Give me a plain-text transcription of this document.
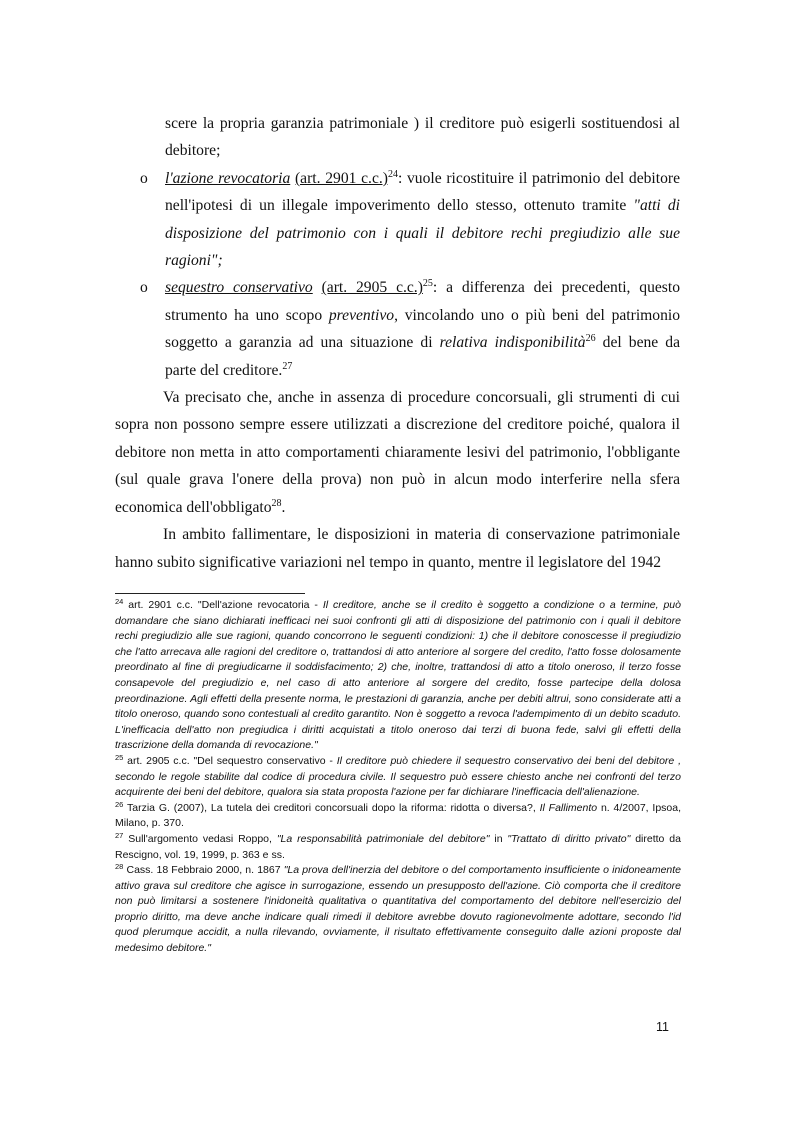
scere la propria garanzia patrimoniale ) il creditore può esigerli sostituendosi al debitore;

o l'azione revocatoria (art. 2901 c.c.)$^{24}$: vuole ricostituire il patrimonio del debitore nell'ipotesi di un illegale impoverimento dello stesso, ottenuto tramite "atti di disposizione del patrimonio con i quali il debitore rechi pregiudizio alle sue ragioni";
o sequestro conservativo (art. 2905 c.c.)$^{25}$: a differenza dei precedenti, questo strumento ha uno scopo preventivo, vincolando uno o più beni del patrimonio soggetto a garanzia ad una situazione di relativa indisponibilità$^{26}$ del bene da parte del creditore.$^{27}$

Va precisato che, anche in assenza di procedure concorsuali, gli strumenti di cui sopra non possono sempre essere utilizzati a discrezione del creditore poiché, qualora il debitore non metta in atto comportamenti chiaramente lesivi del patrimonio, l'obbligante (sul quale grava l'onere della prova) non può in alcun modo interferire nella sfera economica dell'obbligato$^{28}$.

In ambito fallimentare, le disposizioni in materia di conservazione patrimoniale hanno subito significative variazioni nel tempo in quanto, mentre il legislatore del 1942

$^{24}$ art. 2901 c.c. "Dell'azione revocatoria - Il creditore, anche se il credito è soggetto a condizione o a termine, può domandare che siano dichiarati inefficaci nei suoi confronti gli atti di disposizione del patrimonio con i quali il debitore rechi pregiudizio alle sue ragioni, quando concorrono le seguenti condizioni: 1) che il debitore conoscesse il pregiudizio che l'atto arrecava alle ragioni del creditore o, trattandosi di atto anteriore al sorgere del credito, l'atto fosse dolosamente preordinato al fine di pregiudicarne il soddisfacimento; 2) che, inoltre, trattandosi di atto a titolo oneroso, il terzo fosse consapevole del pregiudizio e, nel caso di atto anteriore al sorgere del credito, fosse partecipe della dolosa preordinazione. Agli effetti della presente norma, le prestazioni di garanzia, anche per debiti altrui, sono considerate atti a titolo oneroso, quando sono contestuali al credito garantito. Non è soggetto a revoca l'adempimento di un debito scaduto. L'inefficacia dell'atto non pregiudica i diritti acquistati a titolo oneroso dai terzi di buona fede, salvi gli effetti della trascrizione della domanda di revocazione."

$^{25}$ art. 2905 c.c. "Del sequestro conservativo - Il creditore può chiedere il sequestro conservativo dei beni del debitore , secondo le regole stabilite dal codice di procedura civile. Il sequestro può essere chiesto anche nei confronti del terzo acquirente dei beni del debitore, qualora sia stata proposta l'azione per far dichiarare l'inefficacia dell'alienazione.

$^{26}$ Tarzia G. (2007), La tutela dei creditori concorsuali dopo la riforma: ridotta o diversa?, Il Fallimento n. 4/2007, Ipsoa, Milano, p. 370.

$^{27}$ Sull'argomento vedasi Roppo, "La responsabilità patrimoniale del debitore" in "Trattato di diritto privato" diretto da Rescigno, vol. 19, 1999, p. 363 e ss.

$^{28}$ Cass. 18 Febbraio 2000, n. 1867 "La prova dell'inerzia del debitore o del comportamento insufficiente o inidoneamente attivo grava sul creditore che agisce in surrogazione, essendo un presupposto dell'azione. Ciò comporta che il creditore non può limitarsi a sostenere l'inidoneità qualitativa o quantitativa del comportamento del debitore nell'esercizio del proprio diritto, ma deve anche indicare quali rimedi il debitore avrebbe dovuto ragionevolmente adottare, secondo l'id quod plerumque accidit, a nulla rilevando, ovviamente, il risultato effettivamente conseguito dalle azioni proposte dal medesimo debitore."

11
